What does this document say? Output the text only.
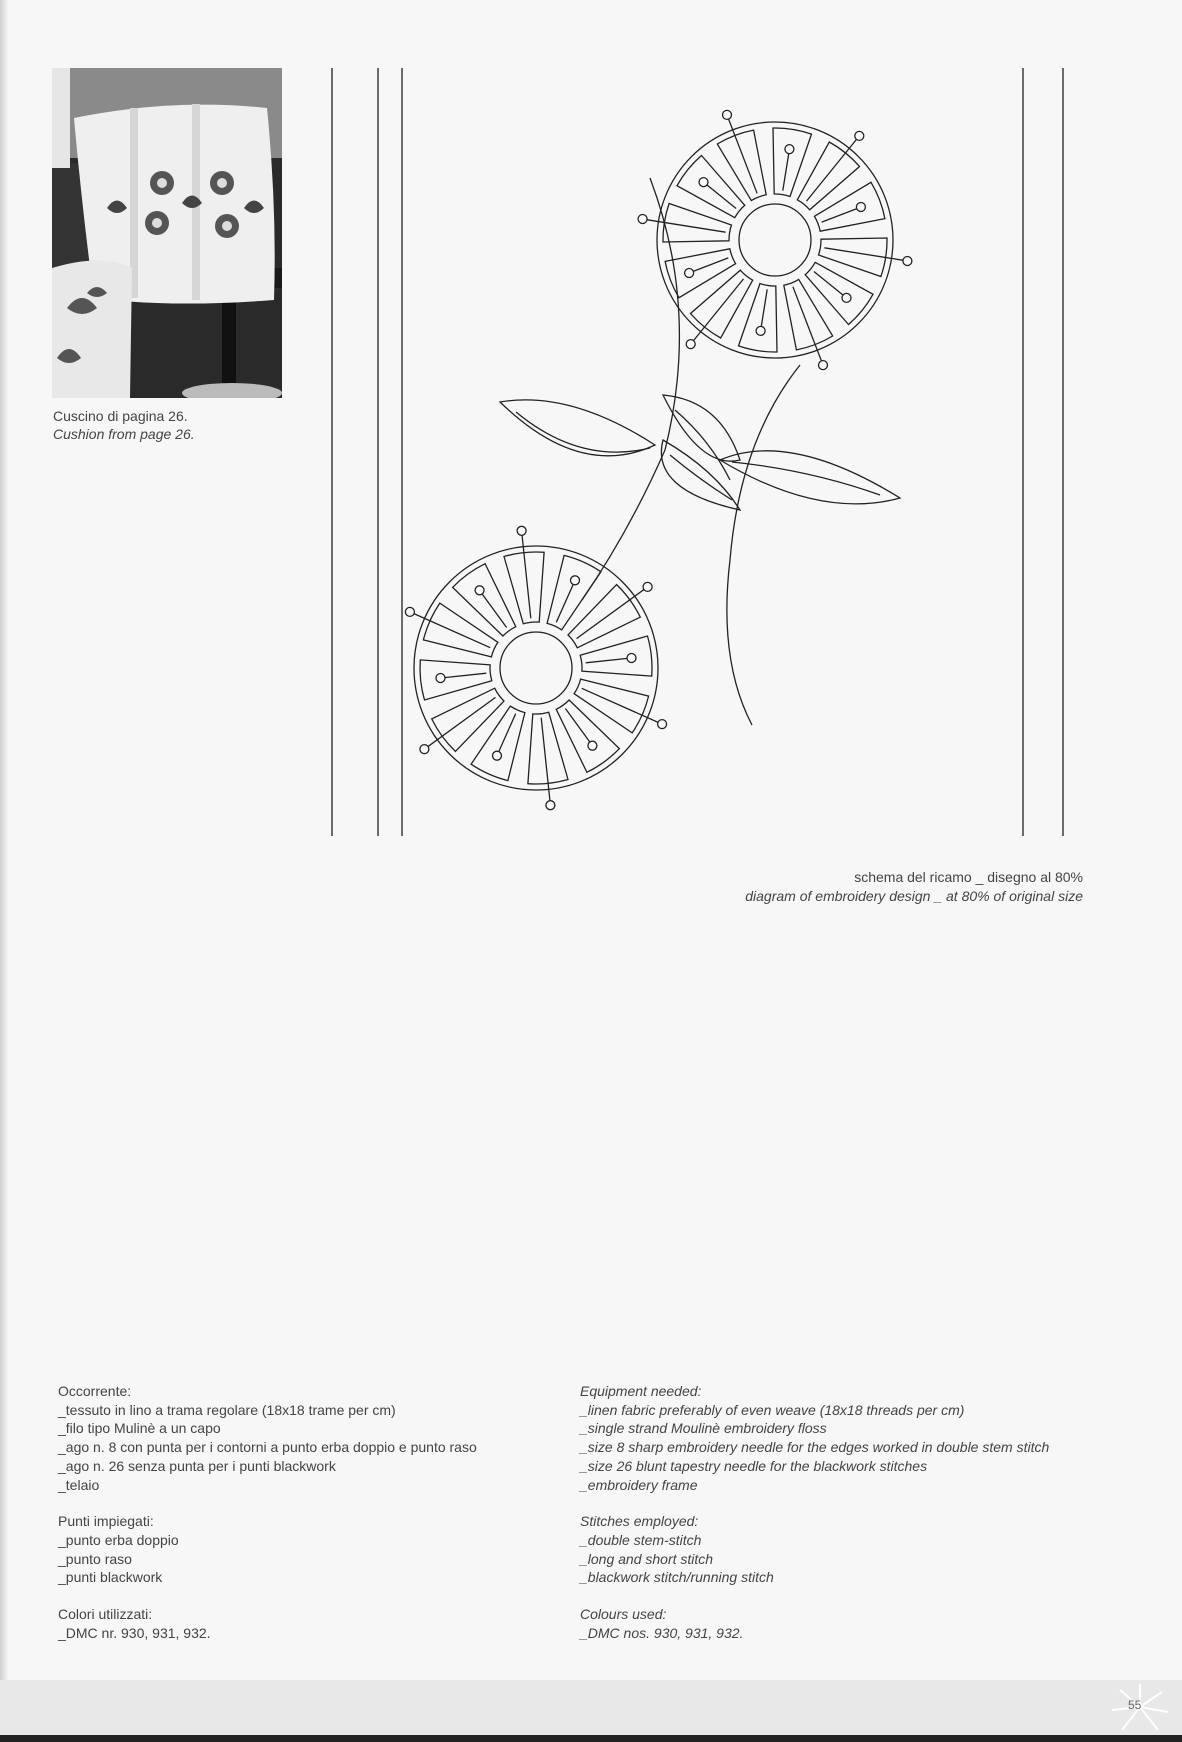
Cuscino di pagina 26.
Cushion from page 26.
schema del ricamo _ disegno al 80%
diagram of embroidery design _ at 80% of original size
Occorrente:
_tessuto in lino a trama regolare (18x18 trame per cm)
_filo tipo Mulinè a un capo
_ago n. 8 con punta per i contorni a punto erba doppio e punto raso
_ago n. 26 senza punta per i punti blackwork
_telaio
Punti impiegati:
_punto erba doppio
_punto raso
_punti blackwork
Colori utilizzati:
_DMC nr. 930, 931, 932.
Equipment needed:
_linen fabric preferably of even weave (18x18 threads per cm)
_single strand Moulinè embroidery floss
_size 8 sharp embroidery needle for the edges worked in double stem stitch
_size 26 blunt tapestry needle for the blackwork stitches
_embroidery frame
Stitches employed:
_double stem-stitch
_long and short stitch
_blackwork stitch/running stitch
Colours used:
_DMC nos. 930, 931, 932.
55
